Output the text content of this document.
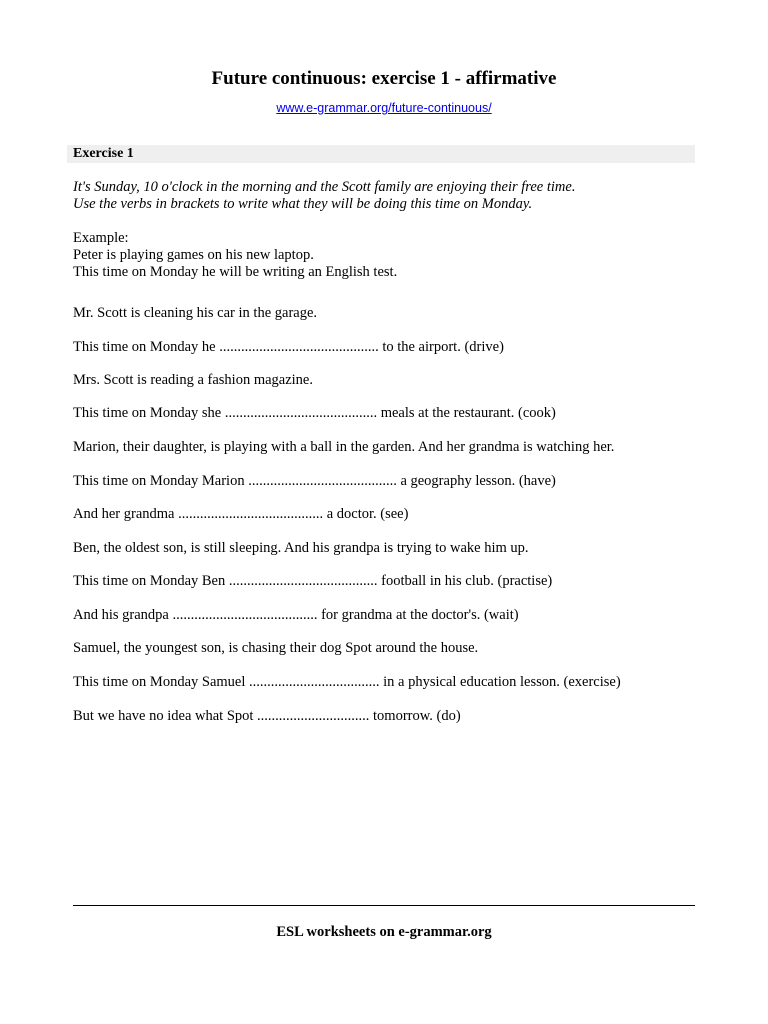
Future continuous: exercise 1 - affirmative
www.e-grammar.org/future-continuous/
Exercise 1
It's Sunday, 10 o'clock in the morning and the Scott family are enjoying their free time.
Use the verbs in brackets to write what they will be doing this time on Monday.
Example:
Peter is playing games on his new laptop.
This time on Monday he will be writing an English test.
Mr. Scott is cleaning his car in the garage.
This time on Monday he ............................................ to the airport. (drive)
Mrs. Scott is reading a fashion magazine.
This time on Monday she .......................................... meals at the restaurant. (cook)
Marion, their daughter, is playing with a ball in the garden. And her grandma is watching her.
This time on Monday Marion ......................................... a geography lesson. (have)
And her grandma ........................................ a doctor. (see)
Ben, the oldest son, is still sleeping. And his grandpa is trying to wake him up.
This time on Monday Ben ......................................... football in his club. (practise)
And his grandpa ........................................ for grandma at the doctor's. (wait)
Samuel, the youngest son, is chasing their dog Spot around the house.
This time on Monday Samuel .................................... in a physical education lesson. (exercise)
But we have no idea what Spot ............................... tomorrow. (do)
ESL worksheets on e-grammar.org
